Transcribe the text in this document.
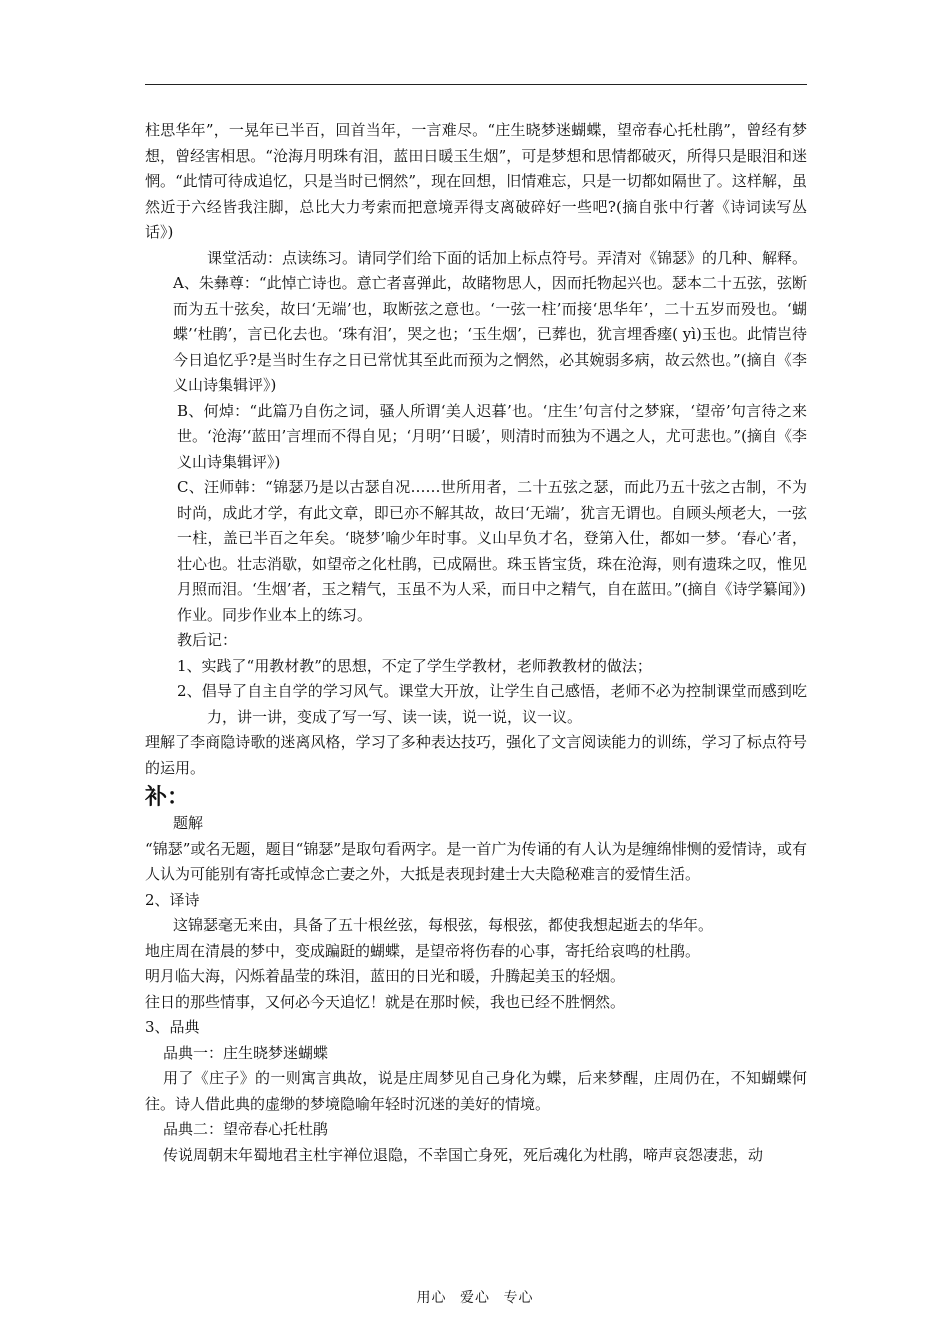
柱思华年”，一晃年已半百，回首当年，一言难尽。“庄生晓梦迷蝴蝶，望帝春心托杜鹃”，曾经有梦想，曾经害相思。“沧海月明珠有泪，蓝田日暖玉生烟”，可是梦想和思情都破灭，所得只是眼泪和迷惘。“此情可待成追忆，只是当时已惘然”，现在回想，旧情难忘，只是一切都如隔世了。这样解，虽然近于六经皆我注脚，总比大力考索而把意境弄得支离破碎好一些吧?(摘自张中行著《诗词读写丛话》)

课堂活动：点读练习。请同学们给下面的话加上标点符号。弄清对《锦瑟》的几种、解释。

A、朱彝尊：“此悼亡诗也。意亡者喜弹此，故睹物思人，因而托物起兴也。瑟本二十五弦，弦断而为五十弦矣，故曰‘无端’也，取断弦之意也。‘一弦一柱’而接‘思华年’，二十五岁而殁也。‘蝴蝶’‘杜鹃’，言已化去也。‘珠有泪’，哭之也；‘玉生烟’，已葬也，犹言埋香瘗( yì)玉也。此情岂待今日追忆乎?是当时生存之日已常忧其至此而预为之惘然，必其婉弱多病，故云然也。”(摘自《李义山诗集辑评》)

B、何焯：“此篇乃自伤之词，骚人所谓‘美人迟暮’也。‘庄生’句言付之梦寐，‘望帝’句言待之来世。‘沧海’‘蓝田’言埋而不得自见；‘月明’‘日暖’，则清时而独为不遇之人，尤可悲也。”(摘自《李义山诗集辑评》)

C、汪师韩：“锦瑟乃是以古瑟自况……世所用者，二十五弦之瑟，而此乃五十弦之古制，不为时尚，成此才学，有此文章，即已亦不解其故，故曰‘无端’，犹言无谓也。自顾头颅老大，一弦一柱，盖已半百之年矣。‘晓梦’喻少年时事。义山早负才名，登第入仕，都如一梦。‘春心’者，壮心也。壮志消歇，如望帝之化杜鹃，已成隔世。珠玉皆宝货，珠在沧海，则有遗珠之叹，惟见月照而泪。‘生烟’者，玉之精气，玉虽不为人采，而日中之精气，自在蓝田。”(摘自《诗学纂闻》)

作业。同步作业本上的练习。

教后记：

1、实践了“用教材教”的思想，不定了学生学教材，老师教教材的做法；

2、倡导了自主自学的学习风气。课堂大开放，让学生自己感悟，老师不必为控制课堂而感到吃力，讲一讲，变成了写一写、读一读，说一说，议一议。

理解了李商隐诗歌的迷离风格，学习了多种表达技巧，强化了文言阅读能力的训练，学习了标点符号的运用。

补：

题解

“锦瑟”或名无题，题目“锦瑟”是取句看两字。是一首广为传诵的有人认为是缠绵悱恻的爱情诗，或有人认为可能别有寄托或悼念亡妻之外，大抵是表现封建士大夫隐秘难言的爱情生活。

2、译诗

这锦瑟毫无来由，具备了五十根丝弦，每根弦，每根弦，都使我想起逝去的华年。

地庄周在清晨的梦中，变成蹁跹的蝴蝶，是望帝将伤春的心事，寄托给哀鸣的杜鹃。

明月临大海，闪烁着晶莹的珠泪，蓝田的日光和暖，升腾起美玉的轻烟。

往日的那些情事，又何必今天追忆！就是在那时候，我也已经不胜惘然。

3、品典

品典一：庄生晓梦迷蝴蝶

用了《庄子》的一则寓言典故，说是庄周梦见自己身化为蝶，后来梦醒，庄周仍在，不知蝴蝶何往。诗人借此典的虚缈的梦境隐喻年轻时沉迷的美好的情境。

品典二：望帝春心托杜鹃

传说周朝末年蜀地君主杜宇禅位退隐，不幸国亡身死，死后魂化为杜鹃，啼声哀怨凄悲，动

用心 爱心 专心
